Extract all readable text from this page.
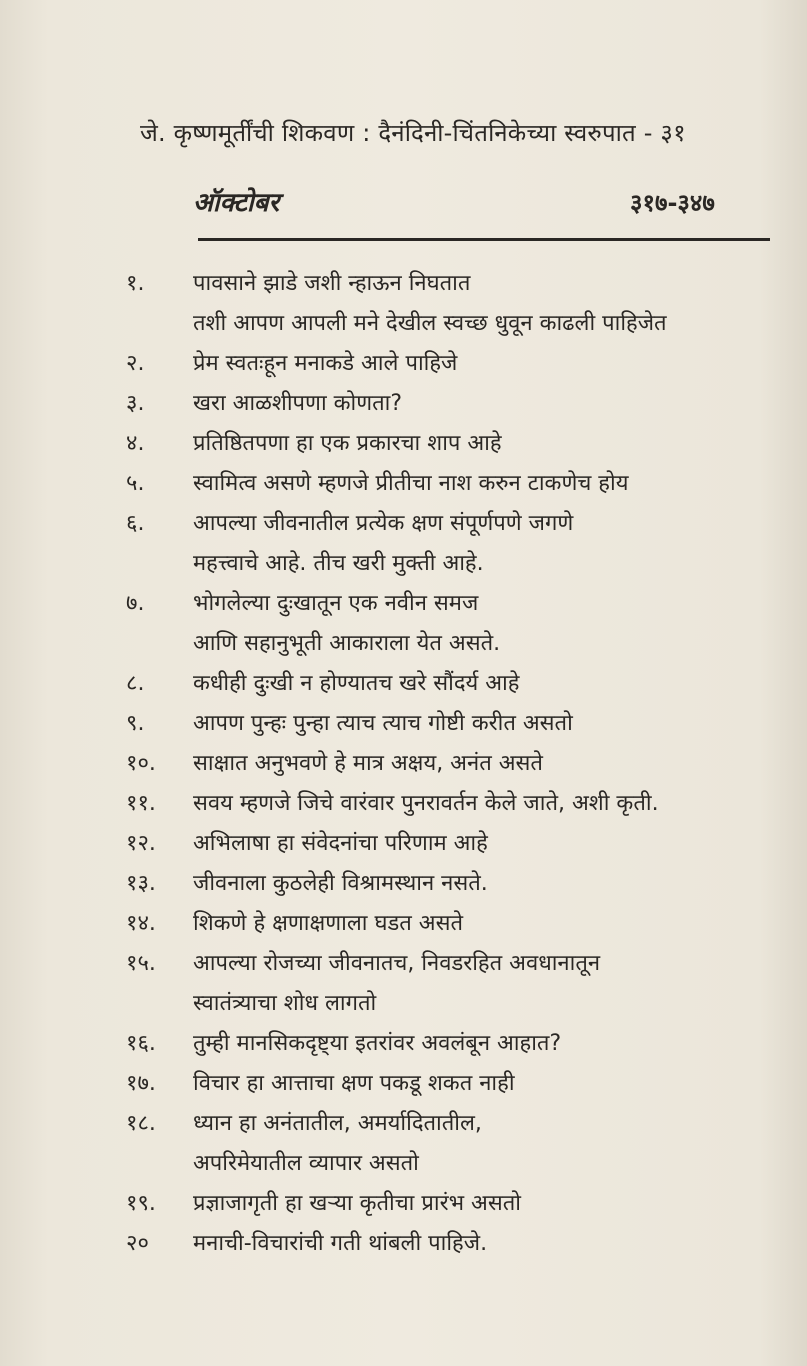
जे. कृष्णमूर्तींची शिकवण : दैनंदिनी-चिंतनिकेच्या स्वरुपात - ३१
ऑक्टोबर	३१७-३४७
१. पावसाने झाडे जशी न्हाऊन निघतात
तशी आपण आपली मने देखील स्वच्छ धुवून काढली पाहिजेत
२. प्रेम स्वतःहून मनाकडे आले पाहिजे
३. खरा आळशीपणा कोणता?
४. प्रतिष्ठितपणा हा एक प्रकारचा शाप आहे
५. स्वामित्व असणे म्हणजे प्रीतीचा नाश करुन टाकणेच होय
६. आपल्या जीवनातील प्रत्येक क्षण संपूर्णपणे जगणे
महत्त्वाचे आहे. तीच खरी मुक्ती आहे.
७. भोगलेल्या दुःखातून एक नवीन समज
आणि सहानुभूती आकाराला येत असते.
८. कधीही दुःखी न होण्यातच खरे सौंदर्य आहे
९. आपण पुन्हः पुन्हा त्याच त्याच गोष्टी करीत असतो
१०. साक्षात अनुभवणे हे मात्र अक्षय, अनंत असते
११. सवय म्हणजे जिचे वारंवार पुनरावर्तन केले जाते, अशी कृती.
१२. अभिलाषा हा संवेदनांचा परिणाम आहे
१३. जीवनाला कुठलेही विश्रामस्थान नसते.
१४. शिकणे हे क्षणाक्षणाला घडत असते
१५. आपल्या रोजच्या जीवनातच, निवडरहित अवधानातून
स्वातंत्र्याचा शोध लागतो
१६. तुम्ही मानसिकदृष्ट्या इतरांवर अवलंबून आहात?
१७. विचार हा आत्ताचा क्षण पकडू शकत नाही
१८. ध्यान हा अनंतातील, अमर्यादितातील,
अपरिमेयातील व्यापार असतो
१९. प्रज्ञाजागृती हा खऱ्या कृतीचा प्रारंभ असतो
२० मनाची-विचारांची गती थांबली पाहिजे.
